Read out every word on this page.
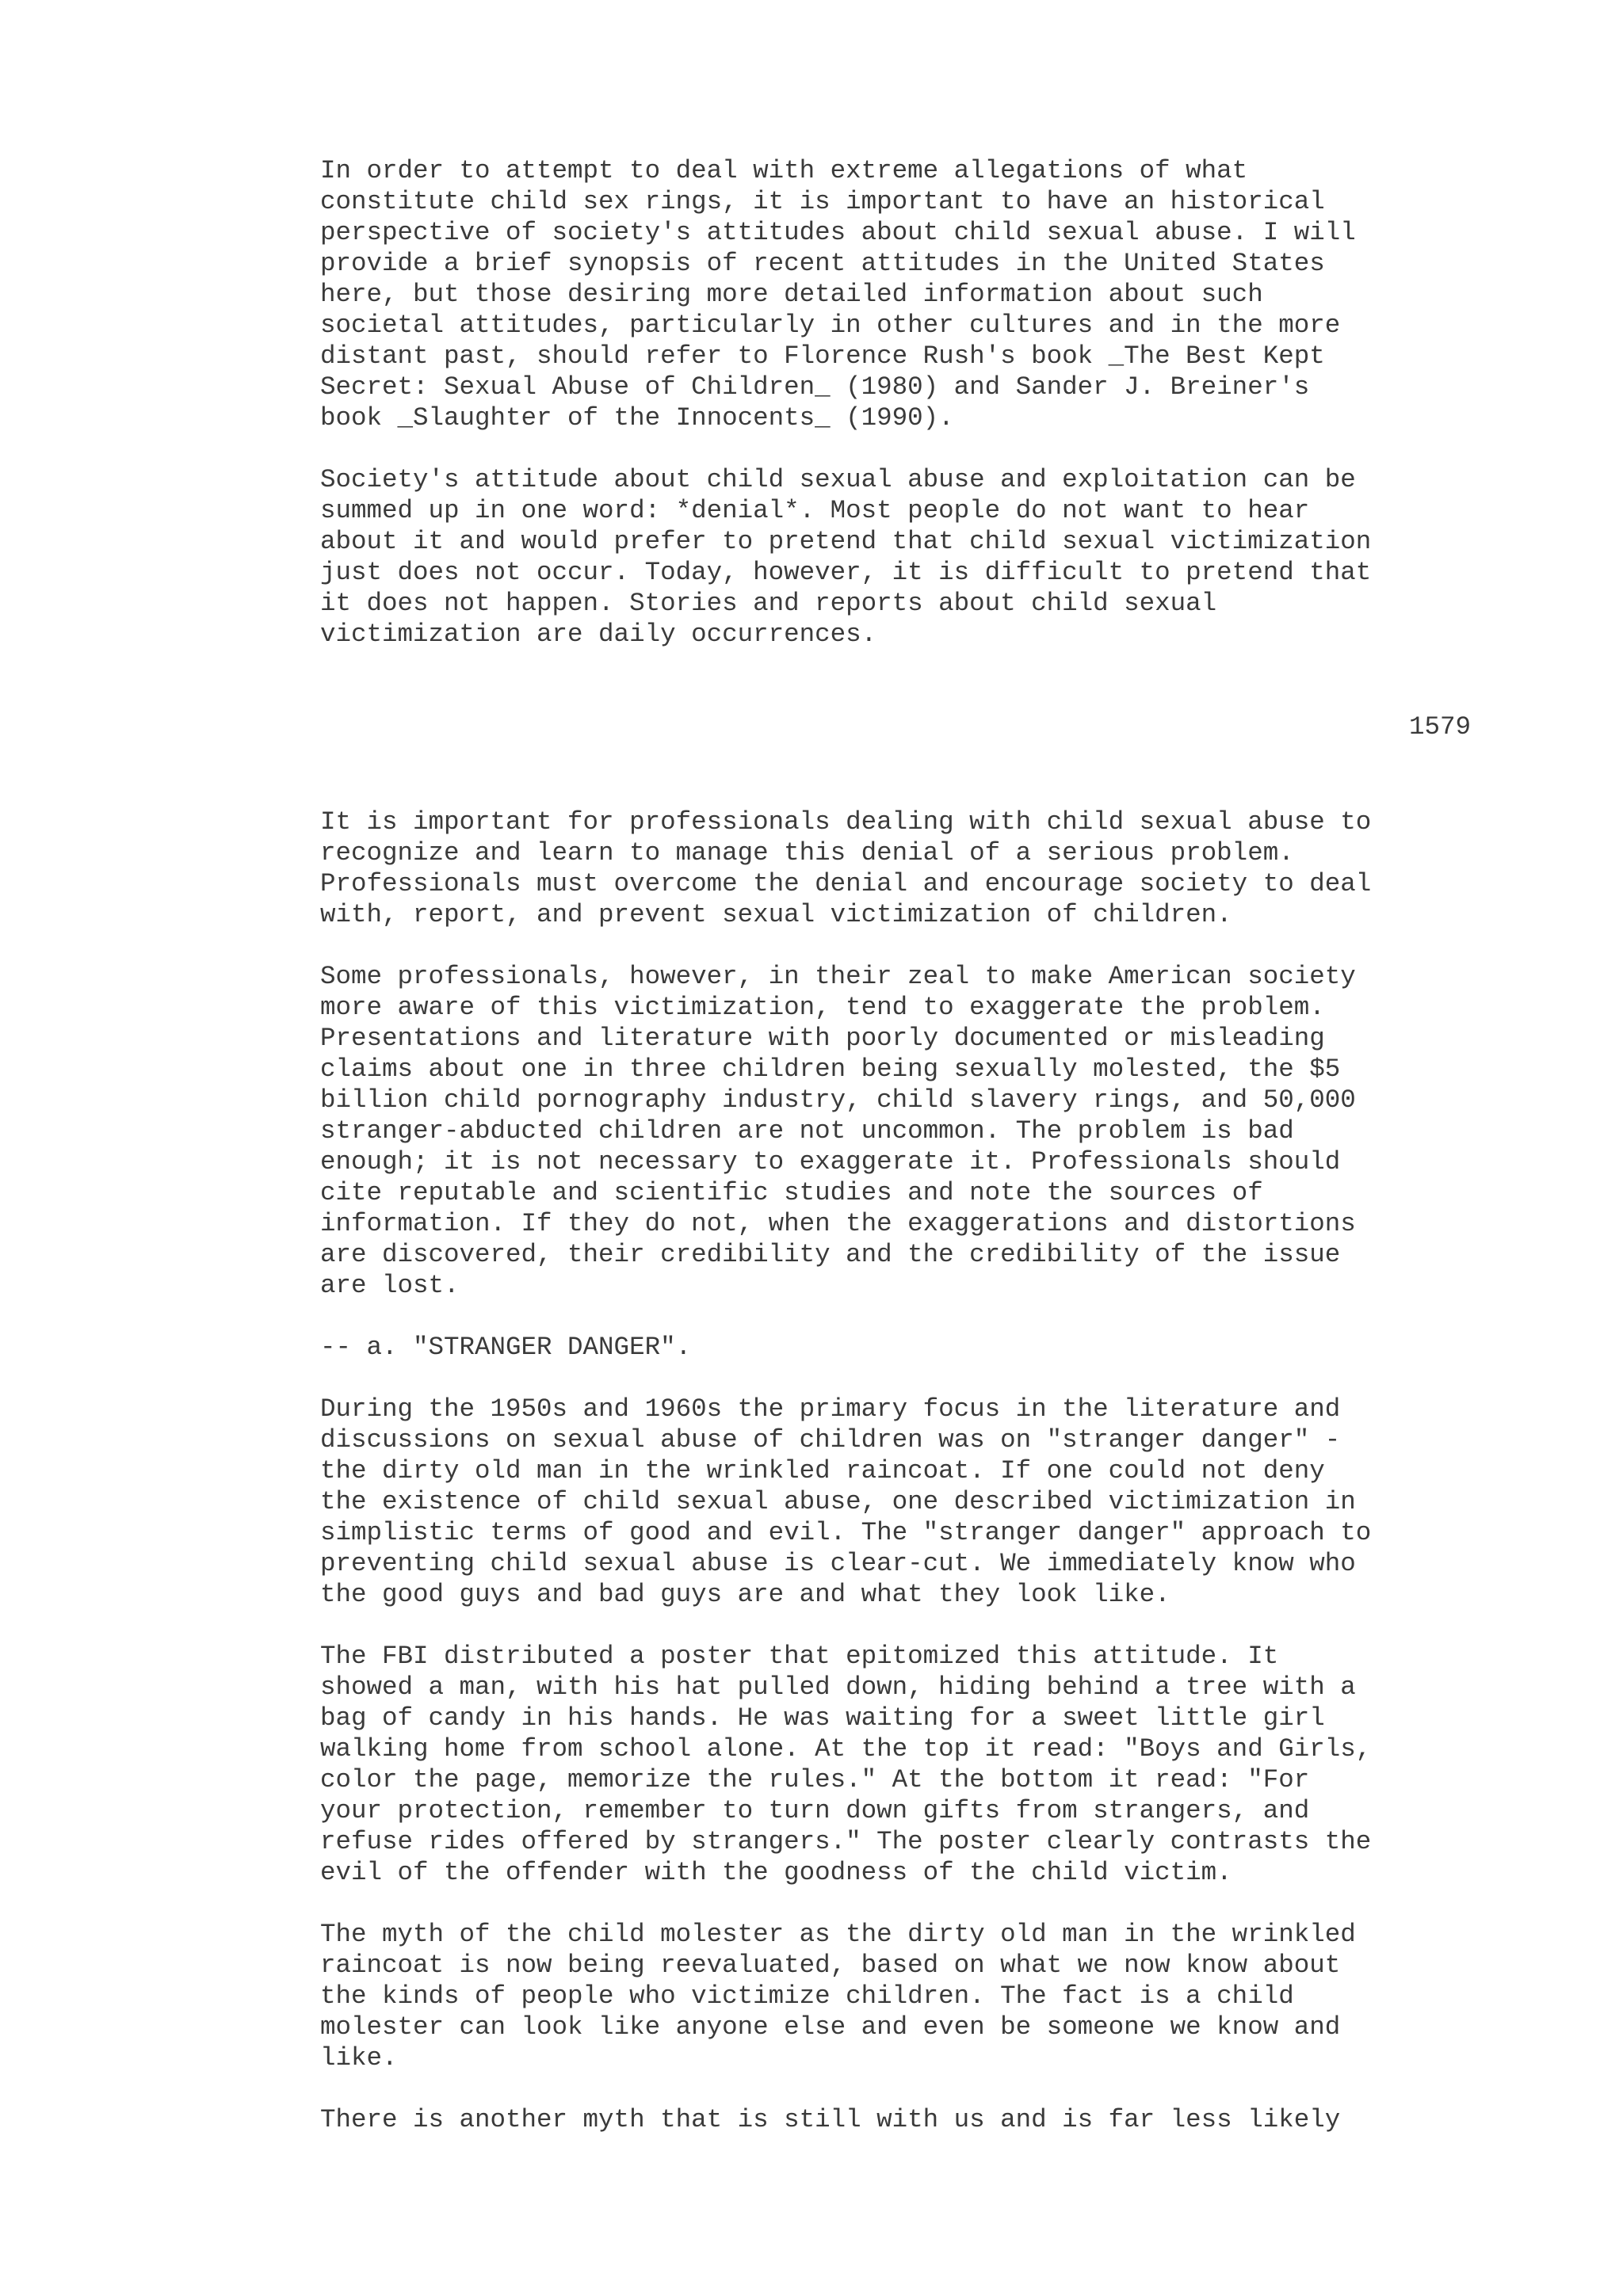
In order to attempt to deal with extreme allegations of what
constitute child sex rings, it is important to have an historical
perspective of society's attitudes about child sexual abuse. I will
provide a brief synopsis of recent attitudes in the United States
here, but those desiring more detailed information about such
societal attitudes, particularly in other cultures and in the more
distant past, should refer to Florence Rush's book _The Best Kept
Secret: Sexual Abuse of Children_ (1980) and Sander J. Breiner's
book _Slaughter of the Innocents_ (1990).

Society's attitude about child sexual abuse and exploitation can be
summed up in one word: *denial*. Most people do not want to hear
about it and would prefer to pretend that child sexual victimization
just does not occur. Today, however, it is difficult to pretend that
it does not happen. Stories and reports about child sexual
victimization are daily occurrences.

1579

It is important for professionals dealing with child sexual abuse to
recognize and learn to manage this denial of a serious problem.
Professionals must overcome the denial and encourage society to deal
with, report, and prevent sexual victimization of children.

Some professionals, however, in their zeal to make American society
more aware of this victimization, tend to exaggerate the problem.
Presentations and literature with poorly documented or misleading
claims about one in three children being sexually molested, the $5
billion child pornography industry, child slavery rings, and 50,000
stranger-abducted children are not uncommon. The problem is bad
enough; it is not necessary to exaggerate it. Professionals should
cite reputable and scientific studies and note the sources of
information. If they do not, when the exaggerations and distortions
are discovered, their credibility and the credibility of the issue
are lost.

-- a. "STRANGER DANGER".

During the 1950s and 1960s the primary focus in the literature and
discussions on sexual abuse of children was on "stranger danger" -
the dirty old man in the wrinkled raincoat. If one could not deny
the existence of child sexual abuse, one described victimization in
simplistic terms of good and evil. The "stranger danger" approach to
preventing child sexual abuse is clear-cut. We immediately know who
the good guys and bad guys are and what they look like.

The FBI distributed a poster that epitomized this attitude. It
showed a man, with his hat pulled down, hiding behind a tree with a
bag of candy in his hands. He was waiting for a sweet little girl
walking home from school alone. At the top it read: "Boys and Girls,
color the page, memorize the rules." At the bottom it read: "For
your protection, remember to turn down gifts from strangers, and
refuse rides offered by strangers." The poster clearly contrasts the
evil of the offender with the goodness of the child victim.

The myth of the child molester as the dirty old man in the wrinkled
raincoat is now being reevaluated, based on what we now know about
the kinds of people who victimize children. The fact is a child
molester can look like anyone else and even be someone we know and
like.

There is another myth that is still with us and is far less likely
